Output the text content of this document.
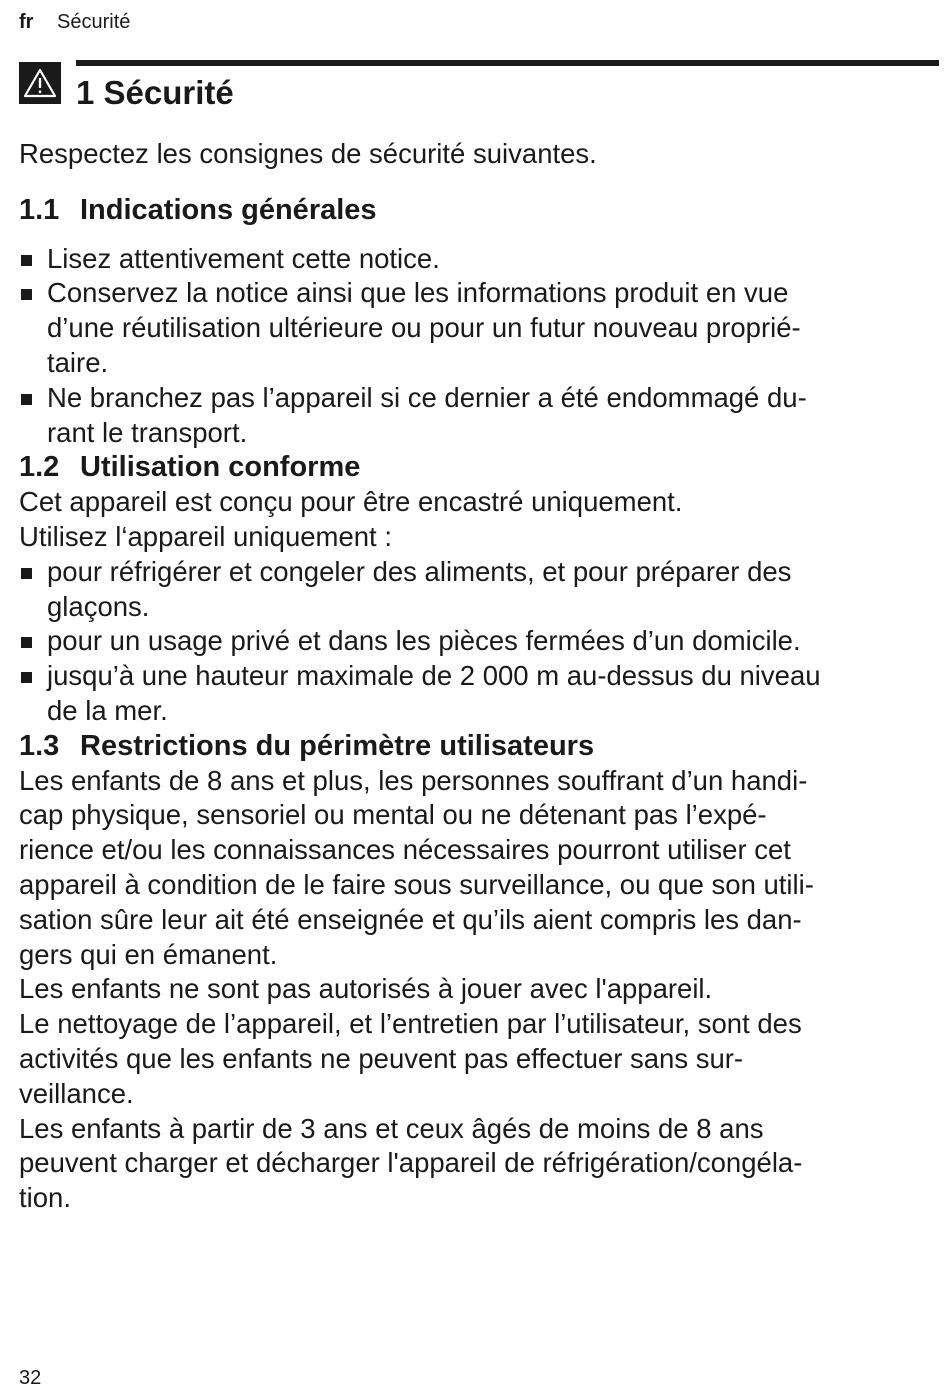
fr Sécurité
1 Sécurité

Respectez les consignes de sécurité suivantes.

1.1 Indications générales
Lisez attentivement cette notice.
Conservez la notice ainsi que les informations produit en vue
d’une réutilisation ultérieure ou pour un futur nouveau proprié-
taire.
Ne branchez pas l’appareil si ce dernier a été endommagé du-
rant le transport.
1.2 Utilisation conforme

Cet appareil est conçu pour être encastré uniquement.

Utilisez l‘appareil uniquement :

pour réfrigérer et congeler des aliments, et pour préparer des
glaçons.
pour un usage privé et dans les pièces fermées d’un domicile.
jusqu’à une hauteur maximale de 2 000 m au-dessus du niveau
de la mer.
1.3 Restrictions du périmètre utilisateurs

Les enfants de 8 ans et plus, les personnes souffrant d’un handi-
cap physique, sensoriel ou mental ou ne détenant pas l’expé-
rience et/ou les connaissances nécessaires pourront utiliser cet
appareil à condition de le faire sous surveillance, ou que son utili-
sation sûre leur ait été enseignée et qu’ils aient compris les dan-
gers qui en émanent.

Les enfants ne sont pas autorisés à jouer avec l'appareil.

Le nettoyage de l’appareil, et l’entretien par l’utilisateur, sont des
activités que les enfants ne peuvent pas effectuer sans sur-
veillance.

Les enfants à partir de 3 ans et ceux âgés de moins de 8 ans
peuvent charger et décharger l'appareil de réfrigération/congéla-
tion.

32
